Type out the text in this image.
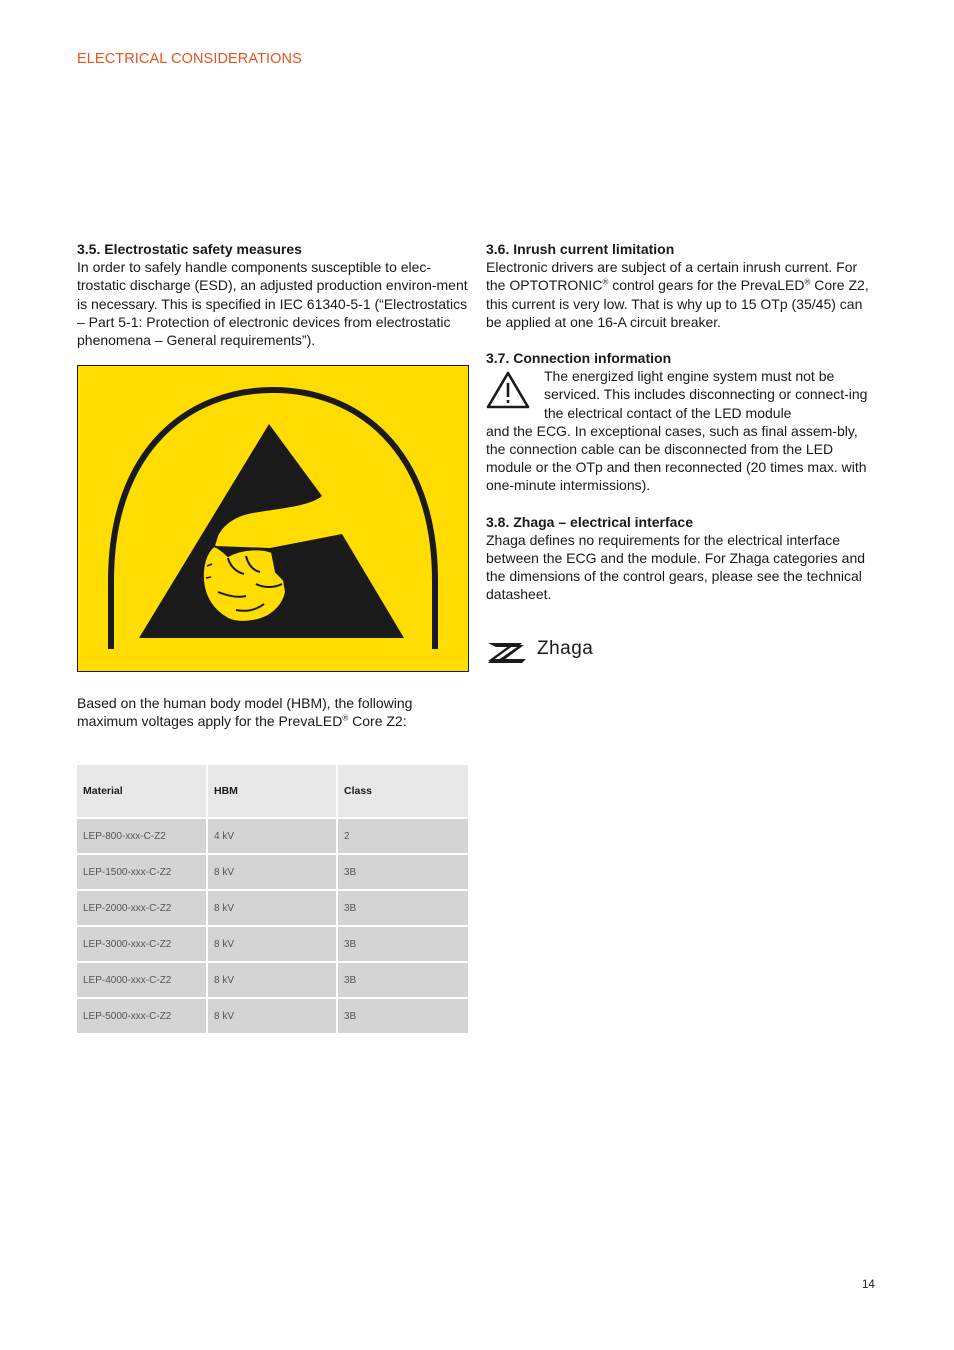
ELECTRICAL CONSIDERATIONS
3.5. Electrostatic safety measures

In order to safely handle components susceptible to elec-trostatic discharge (ESD), an adjusted production environ-ment is necessary. This is specified in IEC 61340-5-1 (“Electrostatics – Part 5-1: Protection of electronic devices from electrostatic phenomena – General requirements”).

Based on the human body model (HBM), the following maximum voltages apply for the PrevaLED® Core Z2:
Material	HBM	Class
LEP-800-xxx-C-Z2	4 kV	2
LEP-1500-xxx-C-Z2	8 kV	3B
LEP-2000-xxx-C-Z2	8 kV	3B
LEP-3000-xxx-C-Z2	8 kV	3B
LEP-4000-xxx-C-Z2	8 kV	3B
LEP-5000-xxx-C-Z2	8 kV	3B
3.6. Inrush current limitation

Electronic drivers are subject of a certain inrush current. For the OPTOTRONIC® control gears for the PrevaLED® Core Z2, this current is very low. That is why up to 15 OTp (35/45) can be applied at one 16-A circuit breaker.

3.7. Connection information

The energized light engine system must not be serviced. This includes disconnecting or connect-ing the electrical contact of the LED module

and the ECG. In exceptional cases, such as final assem-bly, the connection cable can be disconnected from the LED module or the OTp and then reconnected (20 times max. with one-minute intermissions).

3.8. Zhaga – electrical interface

Zhaga defines no requirements for the electrical interface between the ECG and the module. For Zhaga categories and the dimensions of the control gears, please see the technical datasheet.

Zhaga
14
